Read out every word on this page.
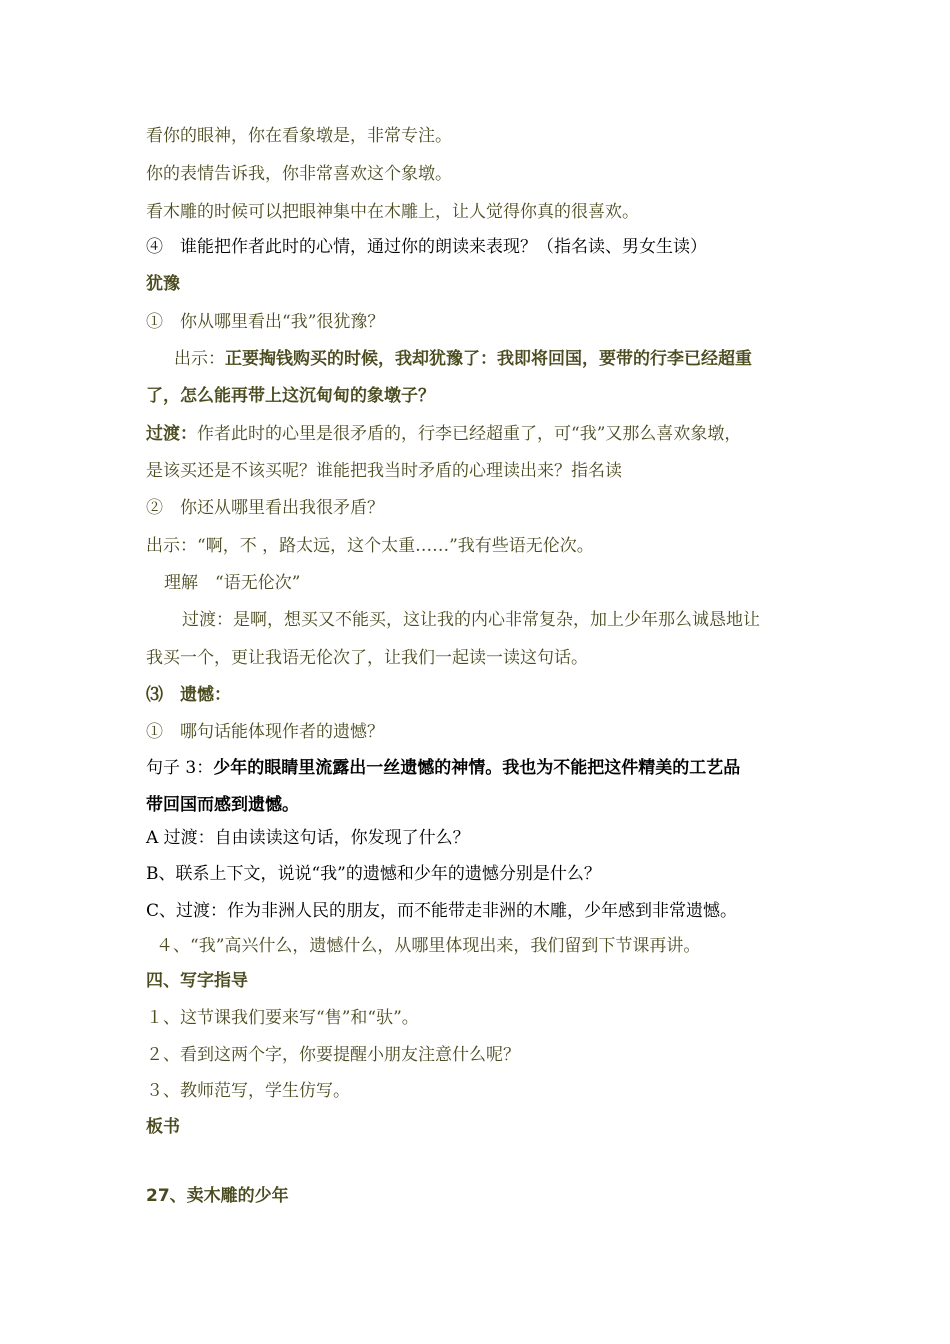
看你的眼神，你在看象墩是，非常专注。
你的表情告诉我，你非常喜欢这个象墩。
看木雕的时候可以把眼神集中在木雕上，让人觉得你真的很喜欢。
④　谁能把作者此时的心情，通过你的朗读来表现？（指名读、男女生读）
犹豫
①　你从哪里看出“我”很犹豫？
出示：正要掏钱购买的时候，我却犹豫了：我即将回国，要带的行李已经超重
了，怎么能再带上这沉甸甸的象墩子？
过渡：作者此时的心里是很矛盾的，行李已经超重了，可“我”又那么喜欢象墩，
是该买还是不该买呢？谁能把我当时矛盾的心理读出来？指名读
②　你还从哪里看出我很矛盾？
出示：“啊，不 ，路太远，这个太重……”我有些语无伦次。
理解　“语无伦次”
过渡：是啊，想买又不能买，这让我的内心非常复杂，加上少年那么诚恳地让
我买一个，更让我语无伦次了，让我们一起读一读这句话。
⑶　遗憾：
①　哪句话能体现作者的遗憾？
句子 3：少年的眼睛里流露出一丝遗憾的神情。我也为不能把这件精美的工艺品
带回国而感到遗憾。
A 过渡：自由读读这句话，你发现了什么？
B、联系上下文，说说“我”的遗憾和少年的遗憾分别是什么？
C、过渡：作为非洲人民的朋友，而不能带走非洲的木雕，少年感到非常遗憾。
４、“我”高兴什么，遗憾什么，从哪里体现出来，我们留到下节课再讲。
四、写字指导
１、这节课我们要来写“售”和“驮”。
２、看到这两个字，你要提醒小朋友注意什么呢？
３、教师范写，学生仿写。
板书
27、卖木雕的少年
